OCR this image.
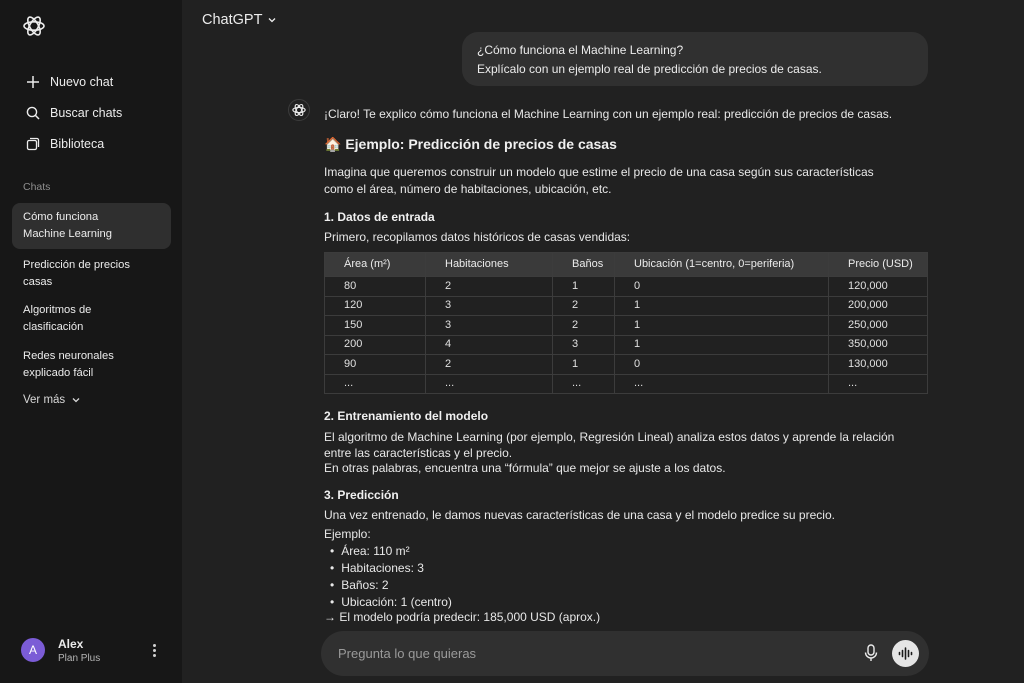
Nuevo chat
Buscar chats
Biblioteca
Chats
Cómo funciona
Machine Learning
Predicción de precios
casas
Algoritmos de
clasificación
Redes neuronales
explicado fácil
Ver más
A	Alex
Plan Plus
ChatGPT
¿Cómo funciona el Machine Learning?
Explícalo con un ejemplo real de predicción de precios de casas.
¡Claro! Te explico cómo funciona el Machine Learning con un ejemplo real: predicción de precios de casas.
🏠 Ejemplo: Predicción de precios de casas
Imagina que queremos construir un modelo que estime el precio de una casa según sus características
como el área, número de habitaciones, ubicación, etc.
1. Datos de entrada
Primero, recopilamos datos históricos de casas vendidas:
Área (m²)	Habitaciones	Baños	Ubicación (1=centro, 0=periferia)	Precio (USD)
80	2	1	0	120,000
120	3	2	1	200,000
150	3	2	1	250,000
200	4	3	1	350,000
90	2	1	0	130,000
...	...	...	...	...
2. Entrenamiento del modelo
El algoritmo de Machine Learning (por ejemplo, Regresión Lineal) analiza estos datos y aprende la relación
entre las características y el precio.
En otras palabras, encuentra una “fórmula” que mejor se ajuste a los datos.
3. Predicción
Una vez entrenado, le damos nuevas características de una casa y el modelo predice su precio.
Ejemplo:
• Área: 110 m²
• Habitaciones: 3
• Baños: 2
• Ubicación: 1 (centro)
→ El modelo podría predecir: 185,000 USD (aprox.)
Pregunta lo que quieras
